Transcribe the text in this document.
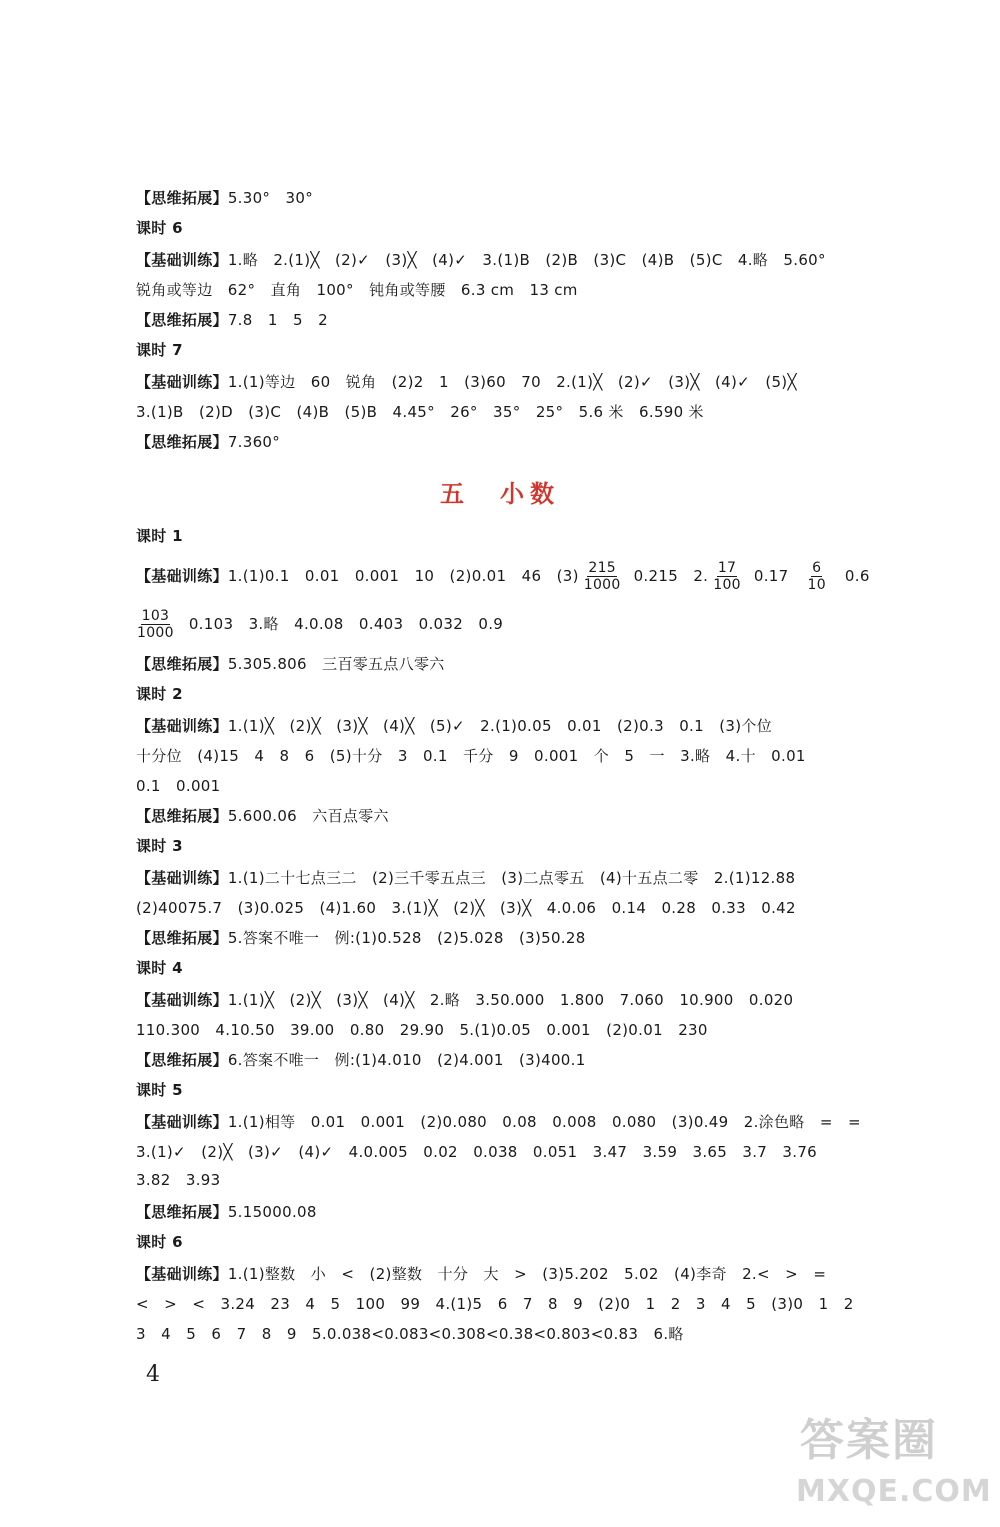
【思维拓展】 5.30°　30°
课时 6
【基础训练】 1.略　2.(1)╳　(2)✓　(3)╳　(4)✓　3.(1)B　(2)B　(3)C　(4)B　(5)C　4.略　5.60°
锐角或等边　62°　直角　100°　钝角或等腰　6.3 cm　13 cm
【思维拓展】 7.8　1　5　2
课时 7
【基础训练】 1.(1)等边　60　锐角　(2)2　1　(3)60　70　2.(1)╳　(2)✓　(3)╳　(4)✓　(5)╳
3.(1)B　(2)D　(3)C　(4)B　(5)B　4.45°　26°　35°　25°　5.6 米　6.590 米
【思维拓展】 7.360°
五　小数
课时 1
【基础训练】 1.(1)0.1　0.01　0.001　10　(2)0.01　46　$(3) \frac{215}{1000} 0.215$　2. $\frac{17}{100} 0.17 \frac{6}{10} 0.6$
$\frac{103}{1000} 0.103$　3.略　4.0.08　0.403　0.032　0.9
【思维拓展】 5.305.806　三百零五点八零六
课时 2
【基础训练】 1.(1)╳　(2)╳　(3)╳　(4)╳　(5)✓　2.(1)0.05　0.01　(2)0.3　0.1　(3)个位
十分位　(4)15　4　8　6　(5)十分　3　0.1　千分　9　0.001　个　5　一　3.略　4.十　0.01
0.1　0.001
【思维拓展】 5.600.06　六百点零六
课时 3
【基础训练】 1.(1)二十七点三二　(2)三千零五点三　(3)二点零五　(4)十五点二零　2.(1)12.88
(2)40075.7　(3)0.025　(4)1.60　3.(1)╳　(2)╳　(3)╳　4.0.06　0.14　0.28　0.33　0.42
【思维拓展】 5.答案不唯一　例:(1)0.528　(2)5.028　(3)50.28
课时 4
【基础训练】 1.(1)╳　(2)╳　(3)╳　(4)╳　2.略　3.50.000　1.800　7.060　10.900　0.020
110.300　4.10.50　39.00　0.80　29.90　5.(1)0.05　0.001　(2)0.01　230
【思维拓展】 6.答案不唯一　例:(1)4.010　(2)4.001　(3)400.1
课时 5
【基础训练】 1.(1)相等　0.01　0.001　(2)0.080　0.08　0.008　0.080　(3)0.49　2.涂色略　=　=
3.(1)✓　(2)╳　(3)✓　(4)✓　4.0.005　0.02　0.038　0.051　3.47　3.59　3.65　3.7　3.76
3.82　3.93
【思维拓展】 5.15000.08
课时 6
【基础训练】 1.(1)整数　小　<　(2)整数　十分　大　>　(3)5.202　5.02　(4)李奇　2.<　>　=
<　>　<　3.24　23　4　5　100　99　4.(1)5　6　7　8　9　(2)0　1　2　3　4　5　(3)0　1　2
3　4　5　6　7　8　9　5.0.038<0.083<0.308<0.38<0.803<0.83　6.略
4
答案圈
MXQE.COM
